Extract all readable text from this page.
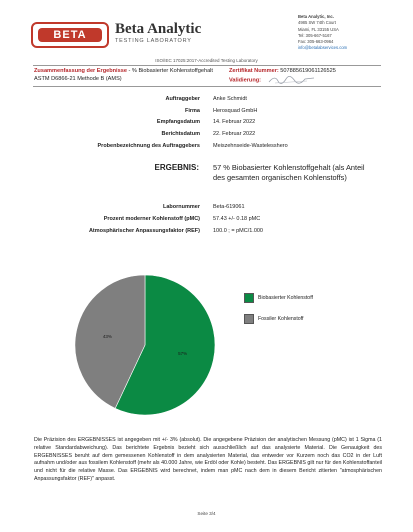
BETA	Beta Analytic
TESTING LABORATORY
Beta Analytic, Inc.
4985 SW 74th Court
Miami, FL 33155 USA
Tel: 305-667-5167
Fax: 305-663-0964
info@betalabservices.com
ISO/IEC 17025:2017-Accredited Testing Laboratory
Zusammenfassung der Ergebnisse - % Biobasierter Kohlenstoffgehalt
ASTM D6866-21 Methode B (AMS)
Zertifikat Nummer: 507885619061126525
Validierung:
Auftraggeber Anke Schmidt
Firma Herosquad GmbH
Empfangsdatum 14. Februar 2022
Berichtsdatum 22. Februar 2022
Probenbezeichnung des Auftraggebers Meiszehnseide-Wastelesshero
ERGEBNIS: 57 % Biobasierter Kohlenstoffgehalt (als Anteil des gesamten organischen Kohlenstoffs)
Labornummer Beta-619061
Prozent moderner Kohlenstoff (pMC) 57.43 +/- 0.18 pMC
Atmosphärischer Anpassungsfaktor (REF) 100.0 ; = pMC/1.000
57%
43%
Biobasierter Kohlenstoff
Fossiler Kohlenstoff
Die Präzision des ERGEBNISSES ist angegeben mit +/- 3% (absolut). Die angegebene Präzision der analytischen Messung (pMC) ist 1 Sigma (1 relative Standardabweichung). Das berichtete Ergebnis bezieht sich ausschließlich auf das analysierte Material. Die Genauigkeit des ERGEBNISSES beruht auf dem gemessenen Kohlenstoff in dem analysierten Material, das entweder vor Kurzem noch das CO2 in der Luft aufnahm und/oder aus fossilem Kohlenstoff (mehr als 40.000 Jahre, wie Erdöl oder Kohle) besteht. Das ERGEBNIS gilt nur für den Kohlenstoffanteil und nicht für die relative Masse. Das ERGEBNIS wird berechnet, indem man pMC nach dem in diesem Bericht zitierten "atmosphärischen Anpassungsfaktor (REF)" anpasst.
Seite 3/4
